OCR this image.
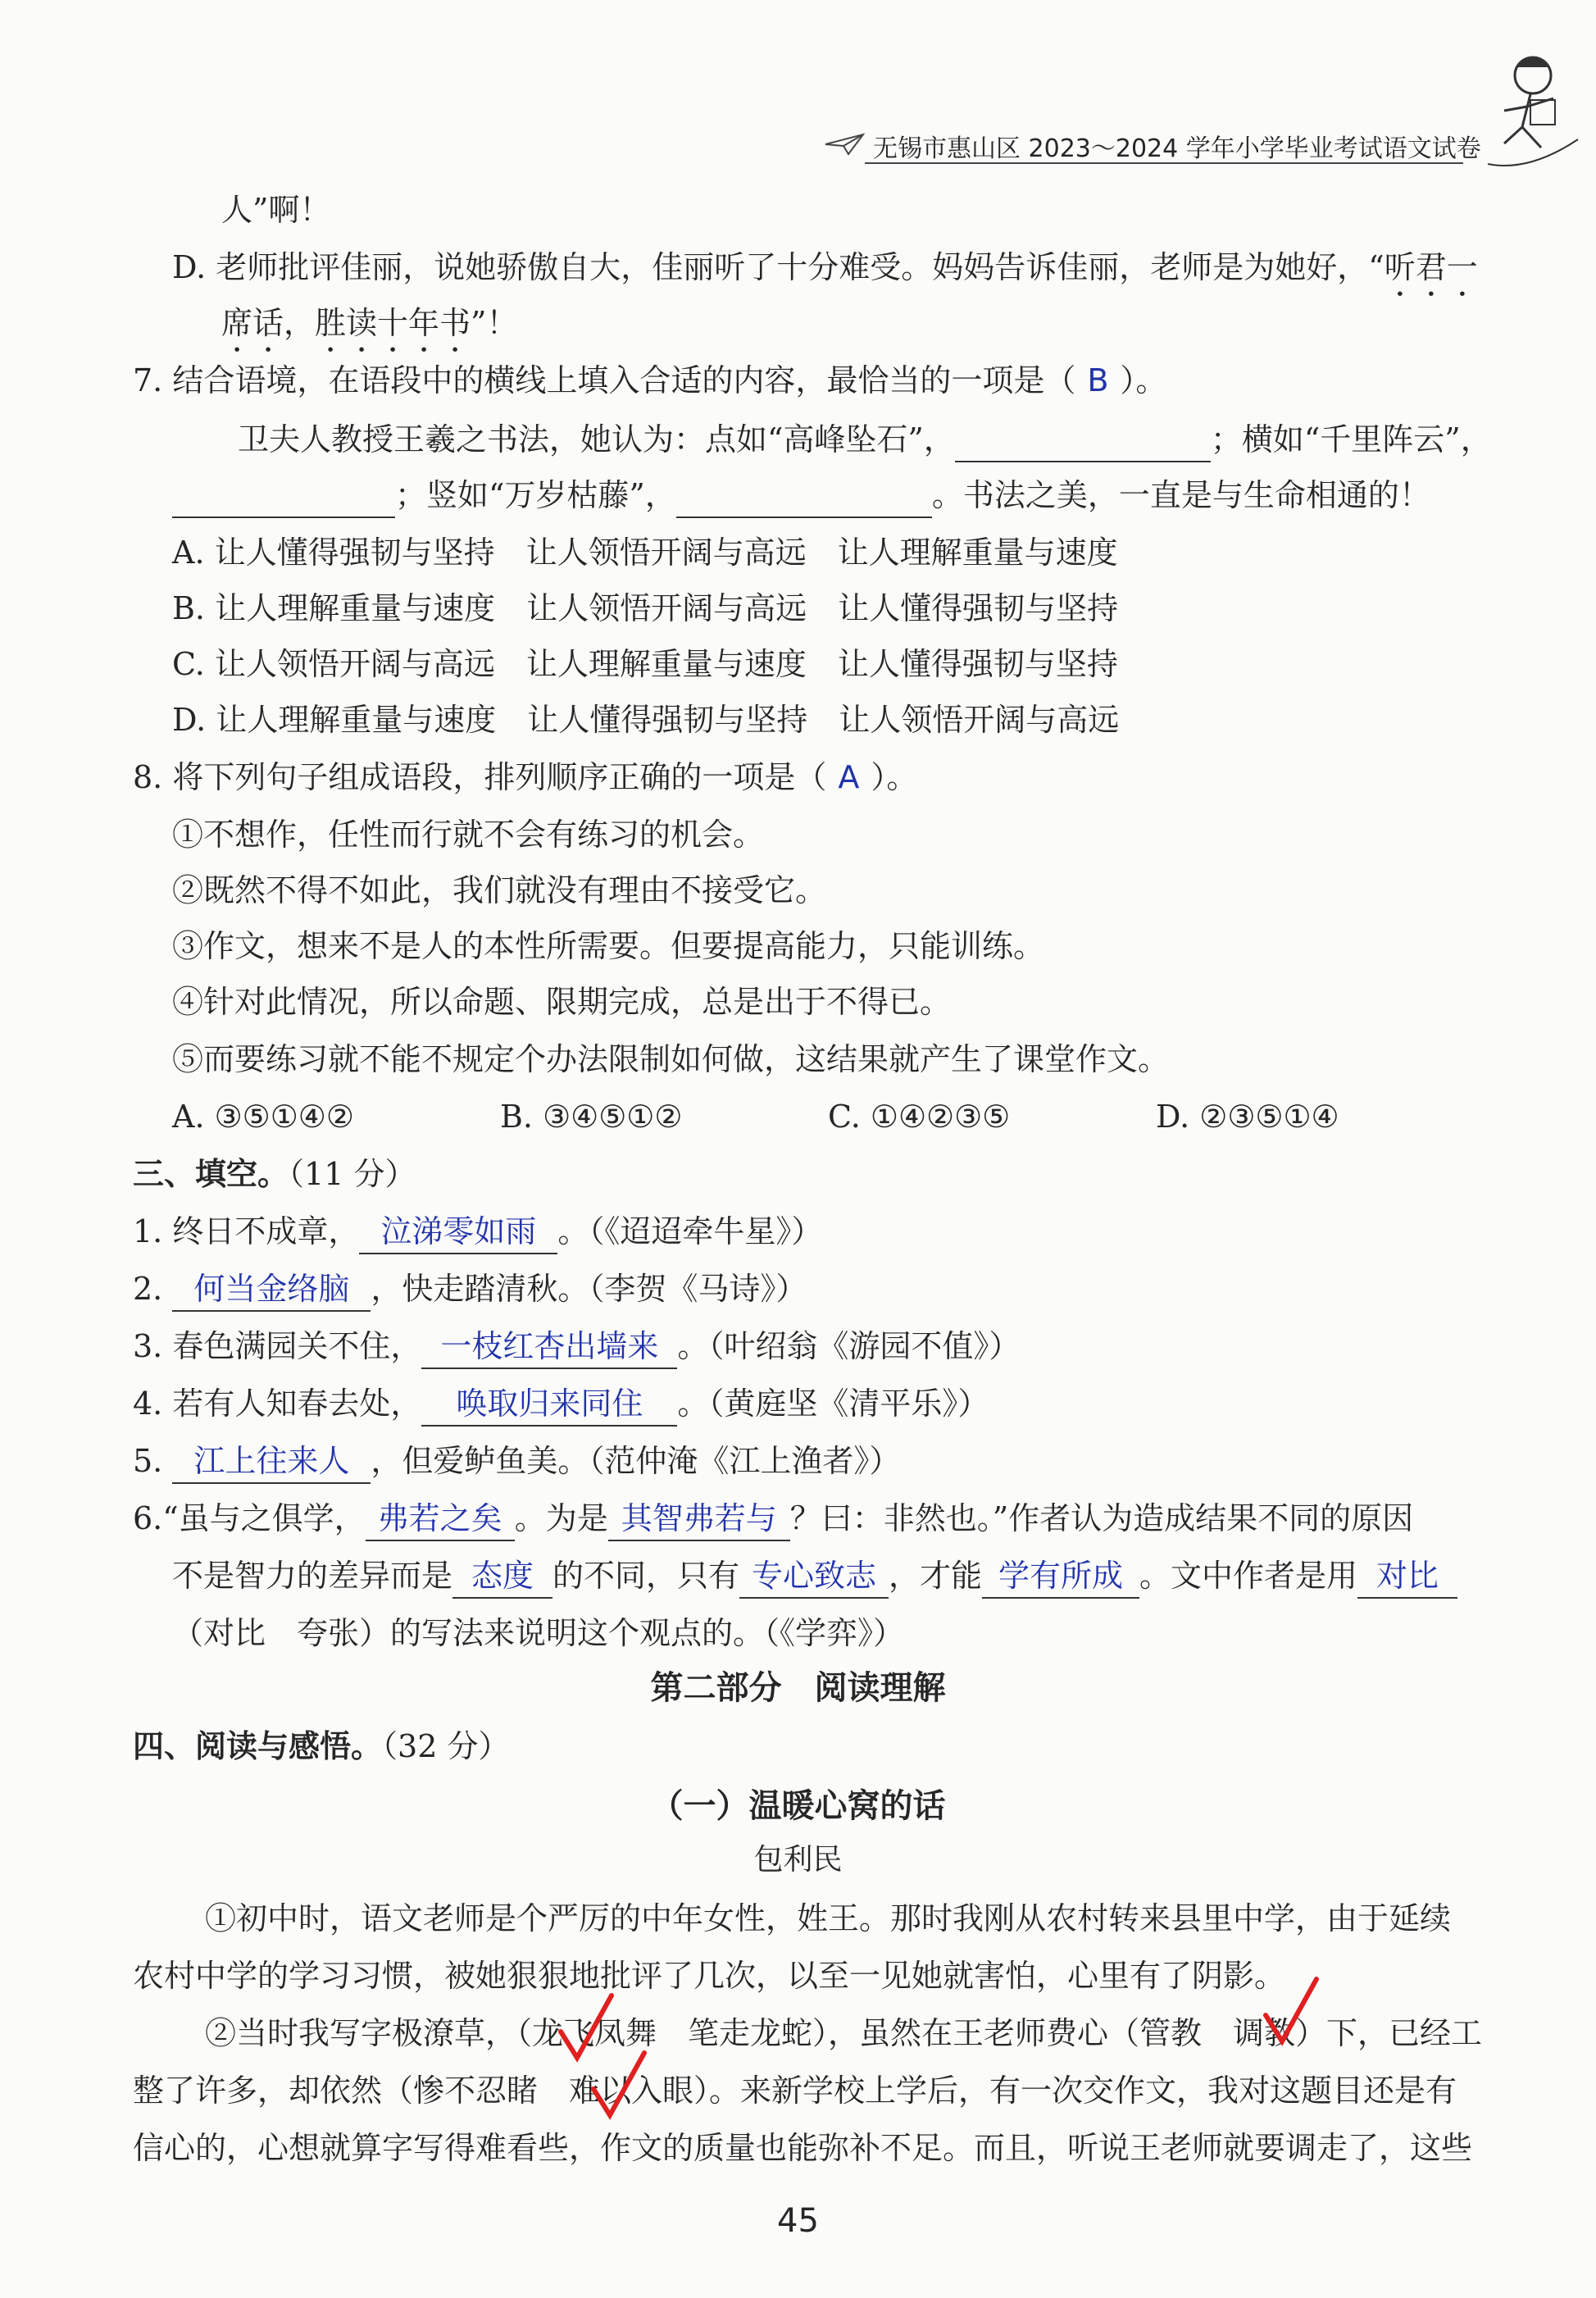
无锡市惠山区 2023～2024 学年小学毕业考试语文试卷
人”啊！
D. 老师批评佳丽，说她骄傲自大，佳丽听了十分难受。妈妈告诉佳丽，老师是为她好，“听君一
席话，胜读十年书”！
7. 结合语境，在语段中的横线上填入合适的内容，最恰当的一项是（ B ）。
卫夫人教授王羲之书法，她认为：点如“高峰坠石”，	；横如“千里阵云”，
；竖如“万岁枯藤”，	。书法之美，一直是与生命相通的！
A. 让人懂得强韧与坚持　让人领悟开阔与高远　让人理解重量与速度
B. 让人理解重量与速度　让人领悟开阔与高远　让人懂得强韧与坚持
C. 让人领悟开阔与高远　让人理解重量与速度　让人懂得强韧与坚持
D. 让人理解重量与速度　让人懂得强韧与坚持　让人领悟开阔与高远
8. 将下列句子组成语段，排列顺序正确的一项是（ A ）。
①不想作，任性而行就不会有练习的机会。
②既然不得不如此，我们就没有理由不接受它。
③作文，想来不是人的本性所需要。但要提高能力，只能训练。
④针对此情况，所以命题、限期完成，总是出于不得已。
⑤而要练习就不能不规定个办法限制如何做，这结果就产生了课堂作文。
A. ③⑤①④②	B. ③④⑤①②	C. ①④②③⑤	D. ②③⑤①④
三、填空。（11 分）
1. 终日不成章， 泣涕零如雨 。（《迢迢牵牛星》）
2. 何当金络脑 ，快走踏清秋。（李贺《马诗》）
3. 春色满园关不住， 一枝红杏出墙来 。（叶绍翁《游园不值》）
4. 若有人知春去处， 唤取归来同住 。（黄庭坚《清平乐》）
5. 江上往来人 ，但爱鲈鱼美。（范仲淹《江上渔者》）
6.“虽与之俱学， 弗若之矣 。为是 其智弗若与 ？曰：非然也。”作者认为造成结果不同的原因
不是智力的差异而是 态度 的不同，只有 专心致志 ，才能 学有所成 。文中作者是用 对比
（对比　夸张）的写法来说明这个观点的。（《学弈》）
第二部分　阅读理解
四、阅读与感悟。（32 分）
（一）温暖心窝的话
包利民
①初中时，语文老师是个严厉的中年女性，姓王。那时我刚从农村转来县里中学，由于延续
农村中学的学习习惯，被她狠狠地批评了几次，以至一见她就害怕，心里有了阴影。
②当时我写字极潦草，（龙飞凤舞　笔走龙蛇），虽然在王老师费心（管教　调教）下，已经工
整了许多，却依然（惨不忍睹　难以入眼）。来新学校上学后，有一次交作文，我对这题目还是有
信心的，心想就算字写得难看些，作文的质量也能弥补不足。而且，听说王老师就要调走了，这些
45
